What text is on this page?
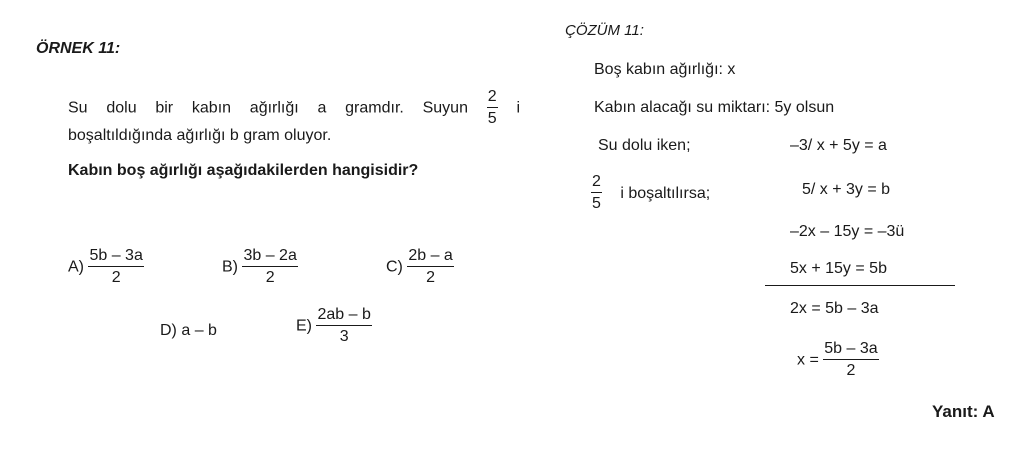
ÖRNEK 11:
Su dolu bir kabın ağırlığı a gramdır. Suyun $\frac{2}{5}$ i
boşaltıldığında ağırlığı b gram oluyor.
Kabın boş ağırlığı aşağıdakilerden hangisidir?
$A) \frac{5b - 3a}{2}$	$B) \frac{3b - 2a}{2}$	$C) \frac{2b - a}{2}$
D) a – b	$E) \frac{2ab - b}{3}$
ÇÖZÜM 11:
Boş kabın ağırlığı: x
Kabın alacağı su miktarı: 5y olsun
Su dolu iken;	–3/ x + 5y = a
$\frac{2}{5}$ i boşaltılırsa;	5/ x + 3y = b
–2x – 15y = –3ü
5x + 15y = 5b
2x = 5b – 3a
$x = \frac{5b - 3a}{2}$
Yanıt: A
